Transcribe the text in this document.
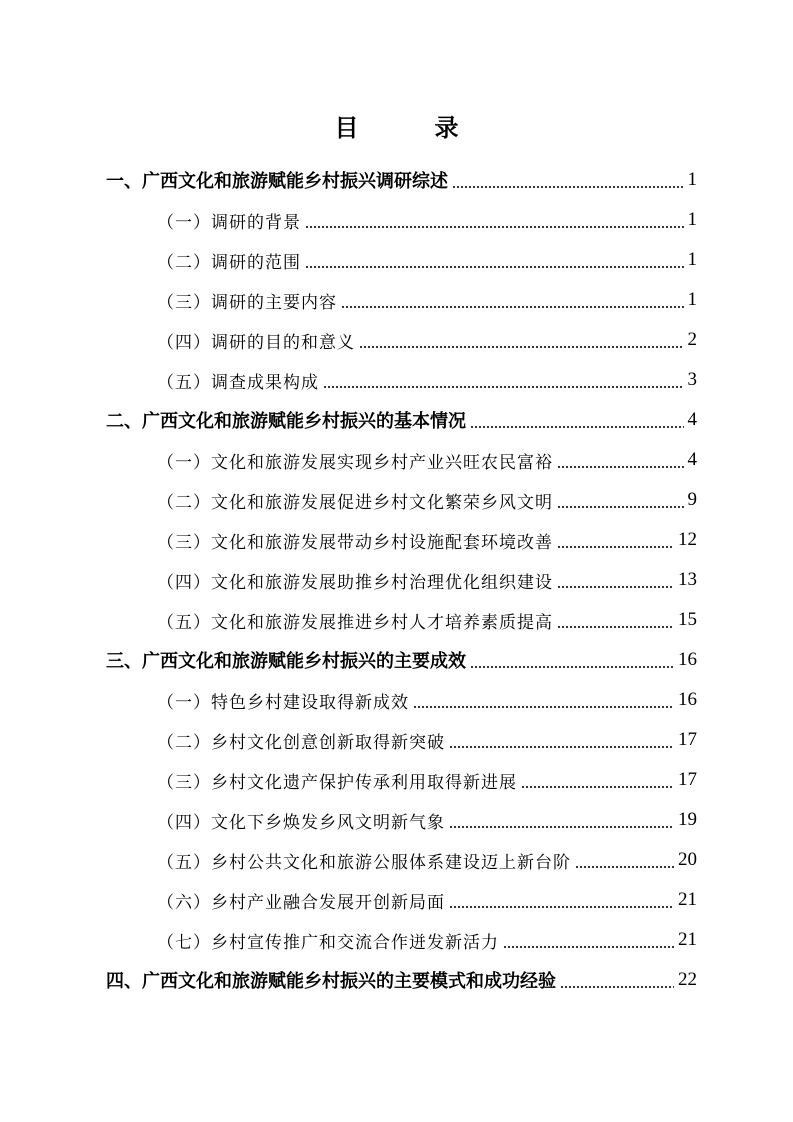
目　录
一、广西文化和旅游赋能乡村振兴调研综述	1
（一）调研的背景	1
（二）调研的范围	1
（三）调研的主要内容	1
（四）调研的目的和意义	2
（五）调查成果构成	3
二、广西文化和旅游赋能乡村振兴的基本情况	4
（一）文化和旅游发展实现乡村产业兴旺农民富裕	4
（二）文化和旅游发展促进乡村文化繁荣乡风文明	9
（三）文化和旅游发展带动乡村设施配套环境改善	12
（四）文化和旅游发展助推乡村治理优化组织建设	13
（五）文化和旅游发展推进乡村人才培养素质提高	15
三、广西文化和旅游赋能乡村振兴的主要成效	16
（一）特色乡村建设取得新成效	16
（二）乡村文化创意创新取得新突破	17
（三）乡村文化遗产保护传承利用取得新进展	17
（四）文化下乡焕发乡风文明新气象	19
（五）乡村公共文化和旅游公服体系建设迈上新台阶	20
（六）乡村产业融合发展开创新局面	21
（七）乡村宣传推广和交流合作迸发新活力	21
四、广西文化和旅游赋能乡村振兴的主要模式和成功经验	22
